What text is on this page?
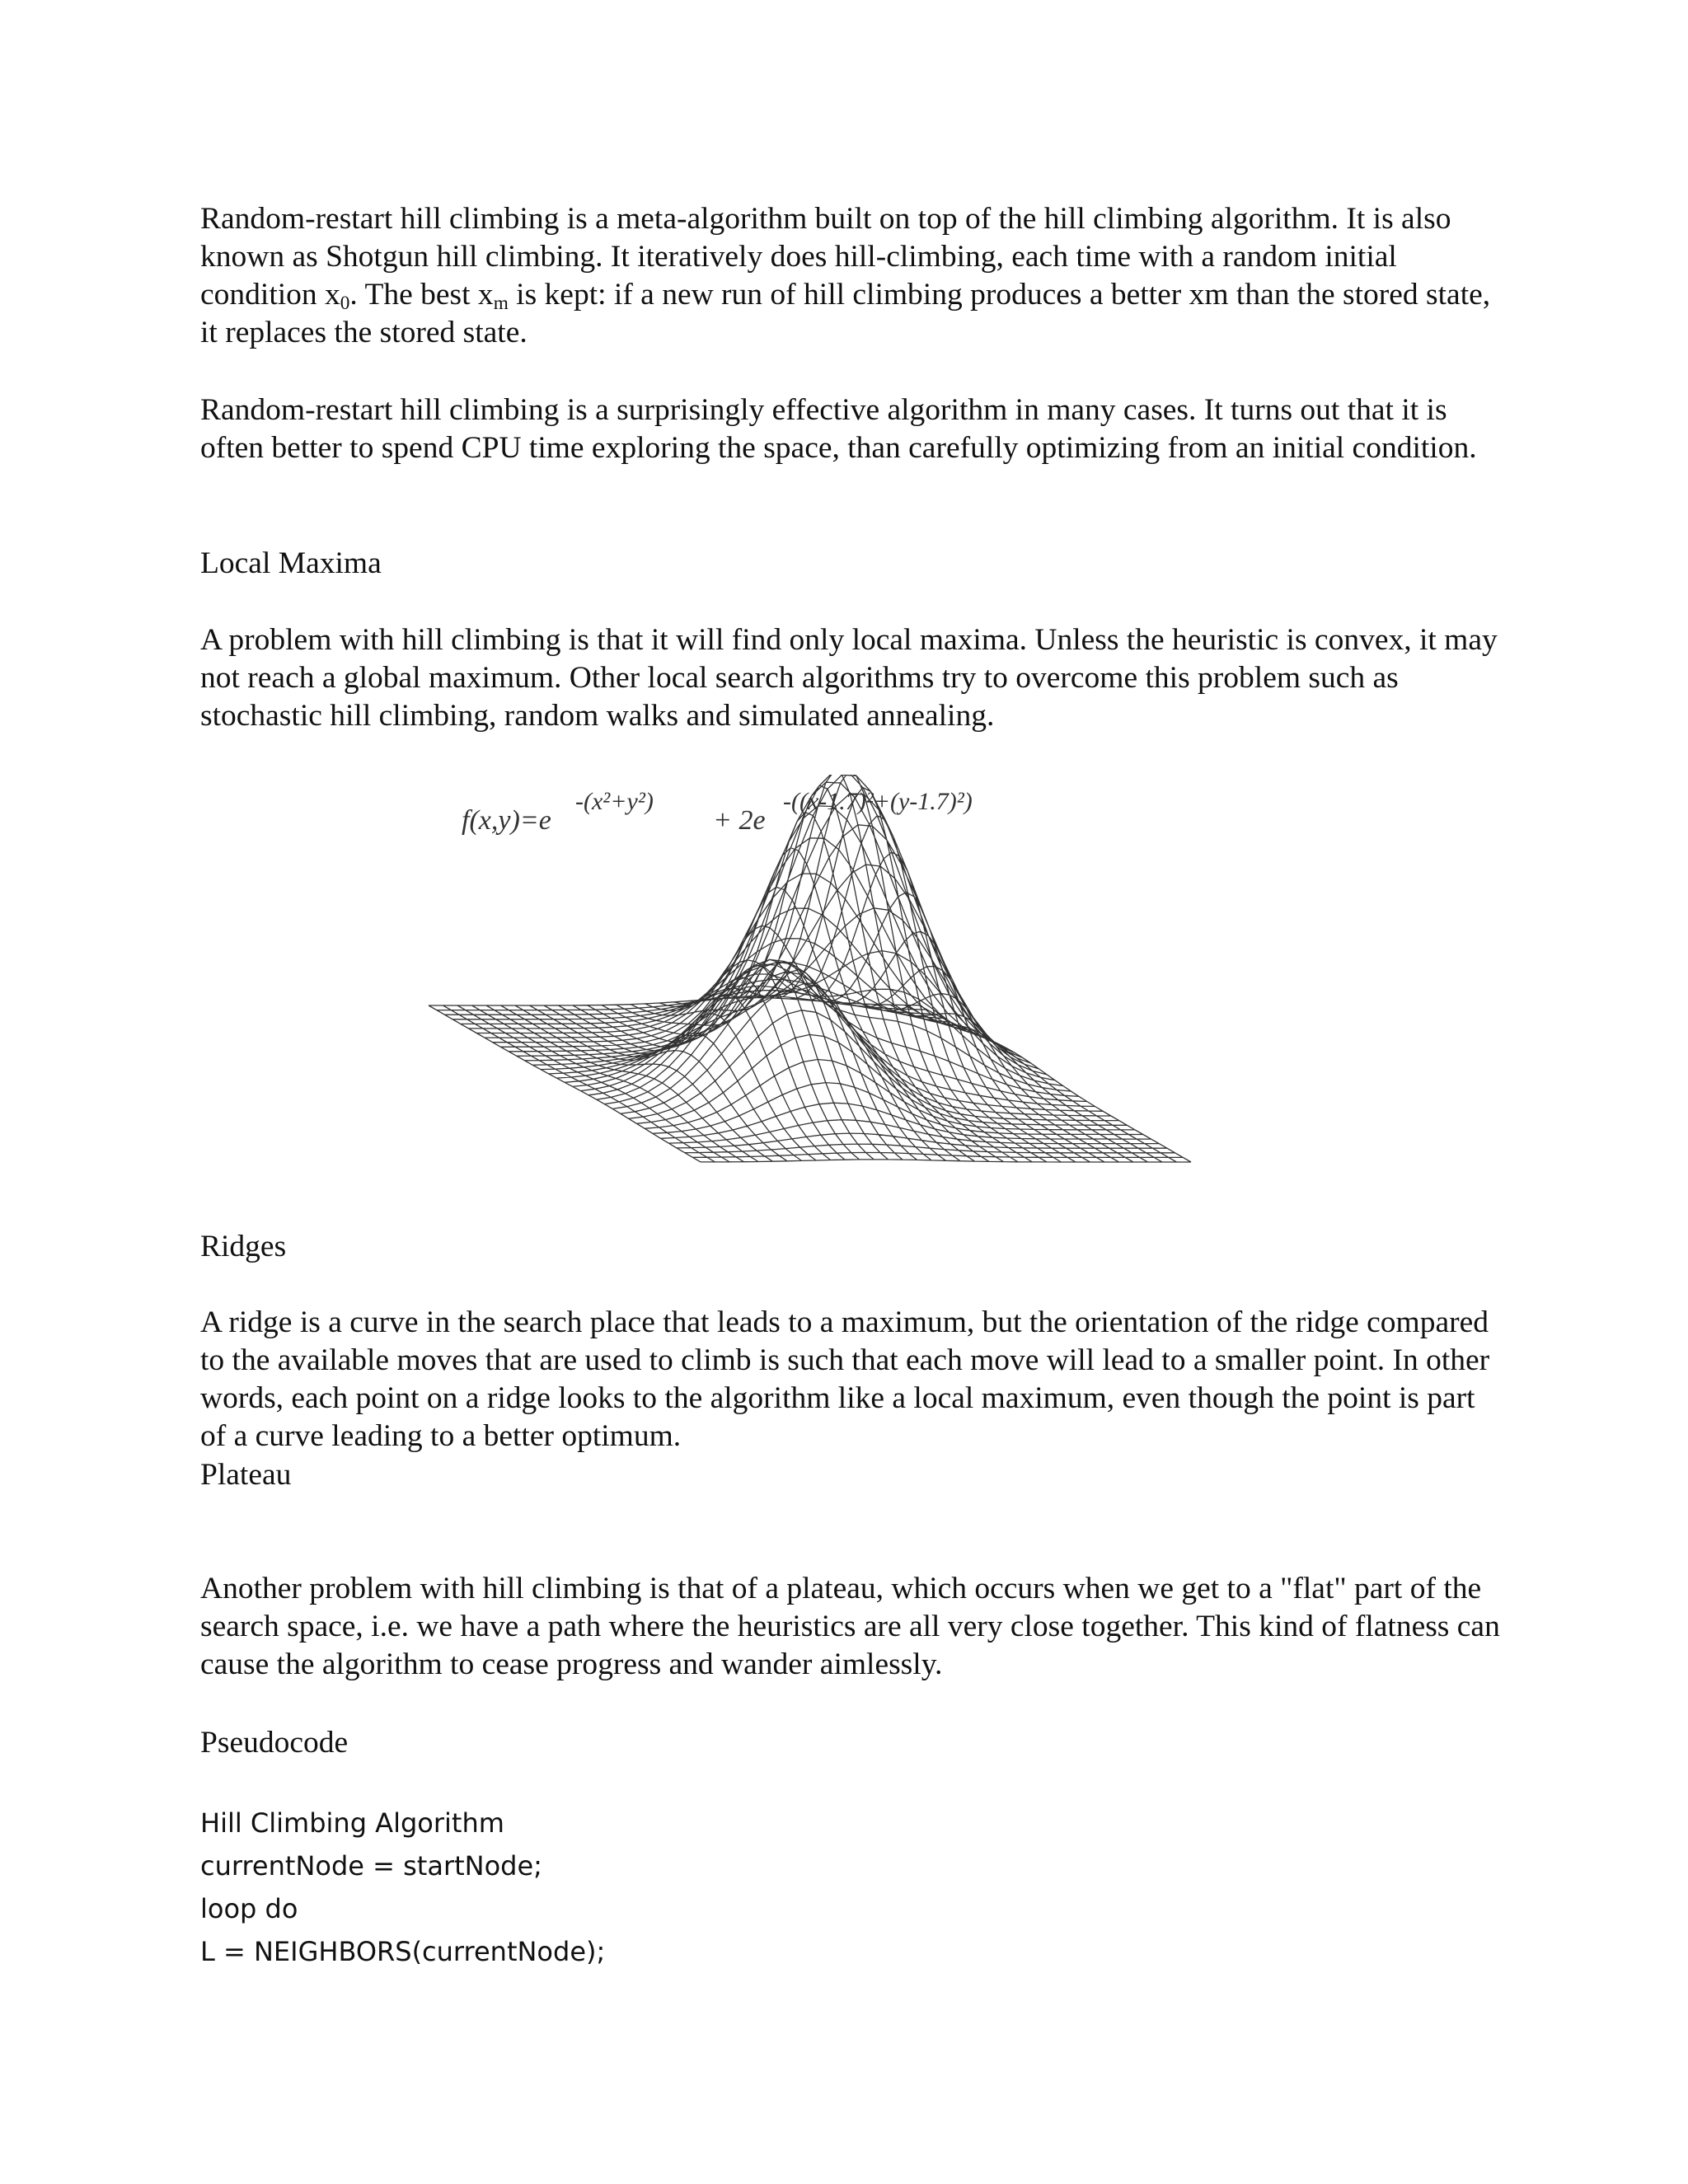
Random-restart hill climbing is a meta-algorithm built on top of the hill climbing algorithm. It is also known as Shotgun hill climbing. It iteratively does hill-climbing, each time with a random initial condition $x_0$. The best $x_m$ is kept: if a new run of hill climbing produces a better xm than the stored state, it replaces the stored state.

Random-restart hill climbing is a surprisingly effective algorithm in many cases. It turns out that it is often better to spend CPU time exploring the space, than carefully optimizing from an initial condition.

Local Maxima

A problem with hill climbing is that it will find only local maxima. Unless the heuristic is convex, it may not reach a global maximum. Other local search algorithms try to overcome this problem such as stochastic hill climbing, random walks and simulated annealing.

f(x,y)=e
-(x²+y²)
+ 2e
-((x-1.7)²+(y-1.7)²)

Ridges

A ridge is a curve in the search place that leads to a maximum, but the orientation of the ridge compared to the available moves that are used to climb is such that each move will lead to a smaller point. In other words, each point on a ridge looks to the algorithm like a local maximum, even though the point is part of a curve leading to a better optimum.

Plateau

Another problem with hill climbing is that of a plateau, which occurs when we get to a "flat" part of the search space, i.e. we have a path where the heuristics are all very close together. This kind of flatness can cause the algorithm to cease progress and wander aimlessly.

Pseudocode

Hill Climbing Algorithm
currentNode = startNode;
loop do
L = NEIGHBORS(currentNode);
